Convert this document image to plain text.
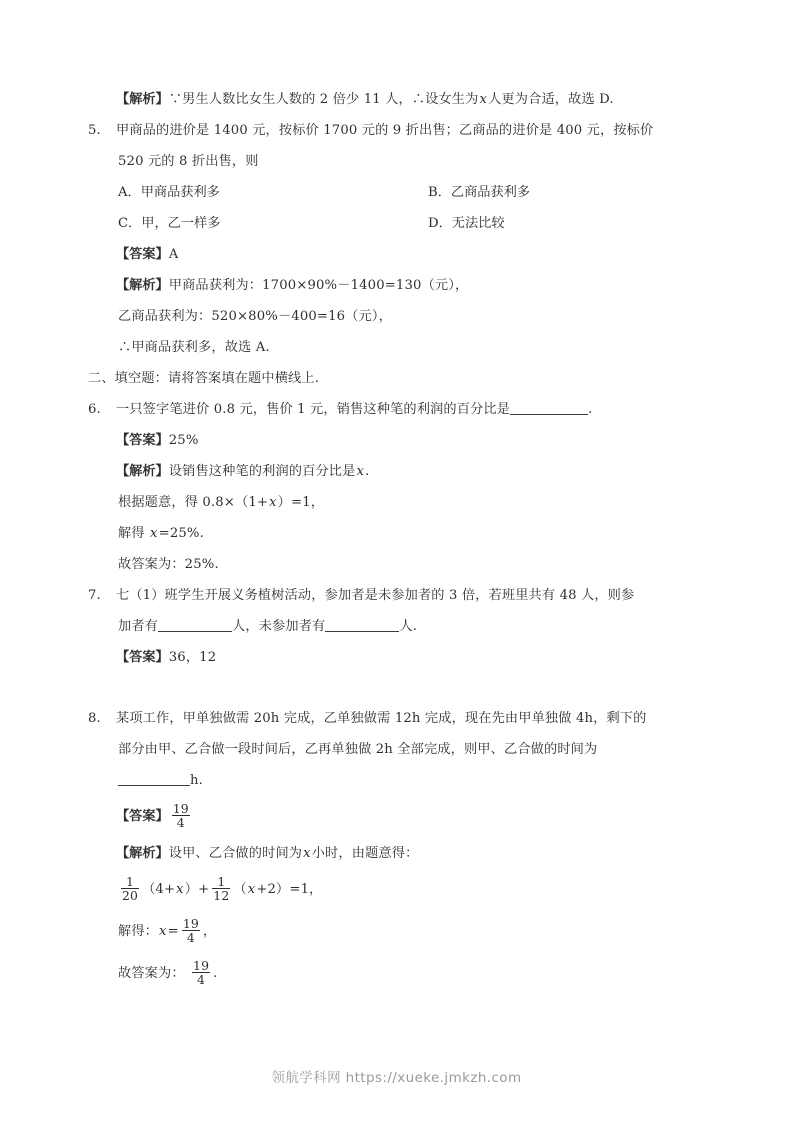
【解析】∵男生人数比女生人数的 2 倍少 11 人，∴设女生为x人更为合适，故选 D.
5. 甲商品的进价是 1400 元，按标价 1700 元的 9 折出售；乙商品的进价是 400 元，按标价
520 元的 8 折出售，则
A．甲商品获利多	B．乙商品获利多
C．甲，乙一样多	D．无法比较
【答案】A
【解析】甲商品获利为：1700×90%－1400=130（元），
乙商品获利为：520×80%－400=16（元），
∴甲商品获利多，故选 A.
二、填空题：请将答案填在题中横线上.
6. 一只签字笔进价 0.8 元，售价 1 元，销售这种笔的利润的百分比是	.
【答案】25%
【解析】设销售这种笔的利润的百分比是x.
根据题意，得 0.8×（1+x）=1，
解得 x=25%.
故答案为：25%.
7. 七（1）班学生开展义务植树活动，参加者是未参加者的 3 倍，若班里共有 48 人，则参
加者有	人，未参加者有	人.
【答案】36，12
8. 某项工作，甲单独做需 20h 完成，乙单独做需 12h 完成，现在先由甲单独做 4h，剩下的
部分由甲、乙合做一段时间后，乙再单独做 2h 全部完成，则甲、乙合做的时间为
h.
【答案】 $\frac{19}{4}$
【解析】设甲、乙合做的时间为x小时，由题意得：
$\frac{1}{20} (4+x)+ \frac{1}{12} (x+2)=1$，
解得：$x= \frac{19}{4}$ ，
故答案为： $\frac{19}{4}$ .
领航学科网 https://xueke.jmkzh.com
